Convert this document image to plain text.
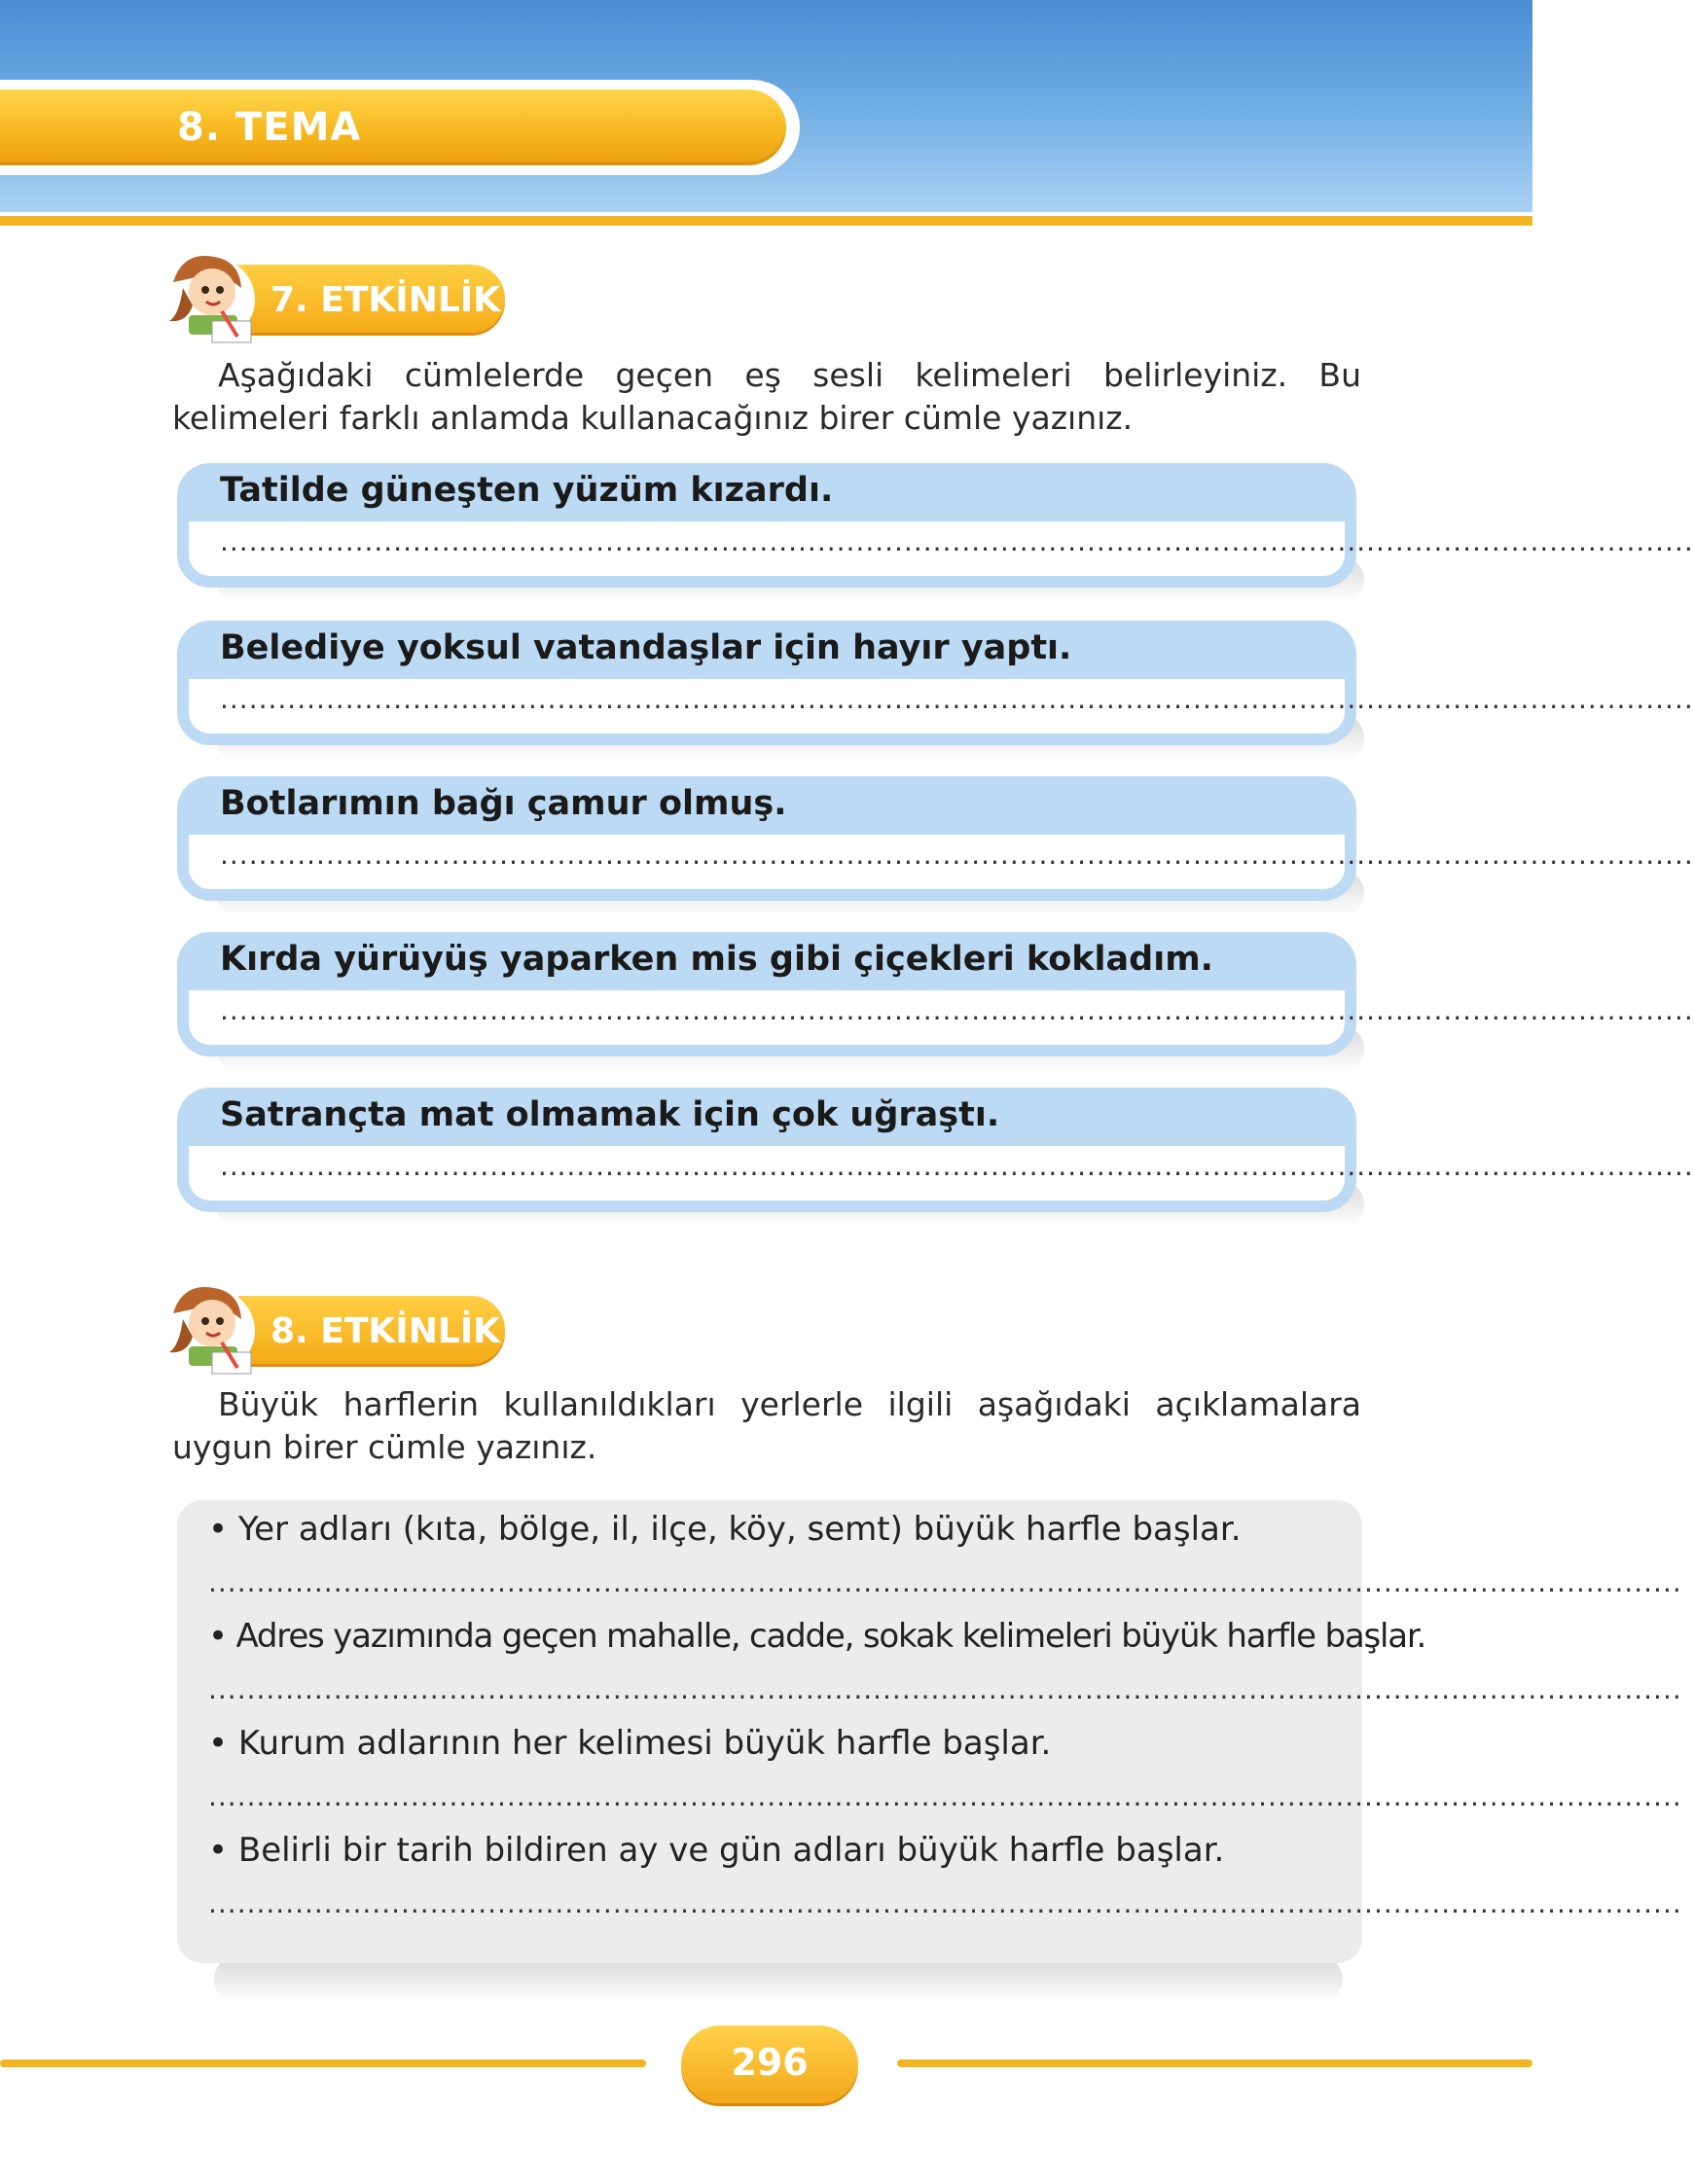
8. TEMA
7. ETKİNLİK
Aşağıdaki cümlelerde geçen eş sesli kelimeleri belirleyiniz. Bu kelimeleri farklı anlamda kullanacağınız birer cümle yazınız.
Tatilde güneşten yüzüm kızardı.
.........................................................................................................................................................
Belediye yoksul vatandaşlar için hayır yaptı.
.........................................................................................................................................................
Botlarımın bağı çamur olmuş.
.........................................................................................................................................................
Kırda yürüyüş yaparken mis gibi çiçekleri kokladım.
.........................................................................................................................................................
Satrançta mat olmamak için çok uğraştı.
.........................................................................................................................................................
8. ETKİNLİK
Büyük harflerin kullanıldıkları yerlerle ilgili aşağıdaki açıklamalara uygun birer cümle yazınız.
• Yer adları (kıta, bölge, il, ilçe, köy, semt) büyük harfle başlar.
.........................................................................................................................................................
• Adres yazımında geçen mahalle, cadde, sokak kelimeleri büyük harfle başlar.
.........................................................................................................................................................
• Kurum adlarının her kelimesi büyük harfle başlar.
.........................................................................................................................................................
• Belirli bir tarih bildiren ay ve gün adları büyük harfle başlar.
.........................................................................................................................................................
296
